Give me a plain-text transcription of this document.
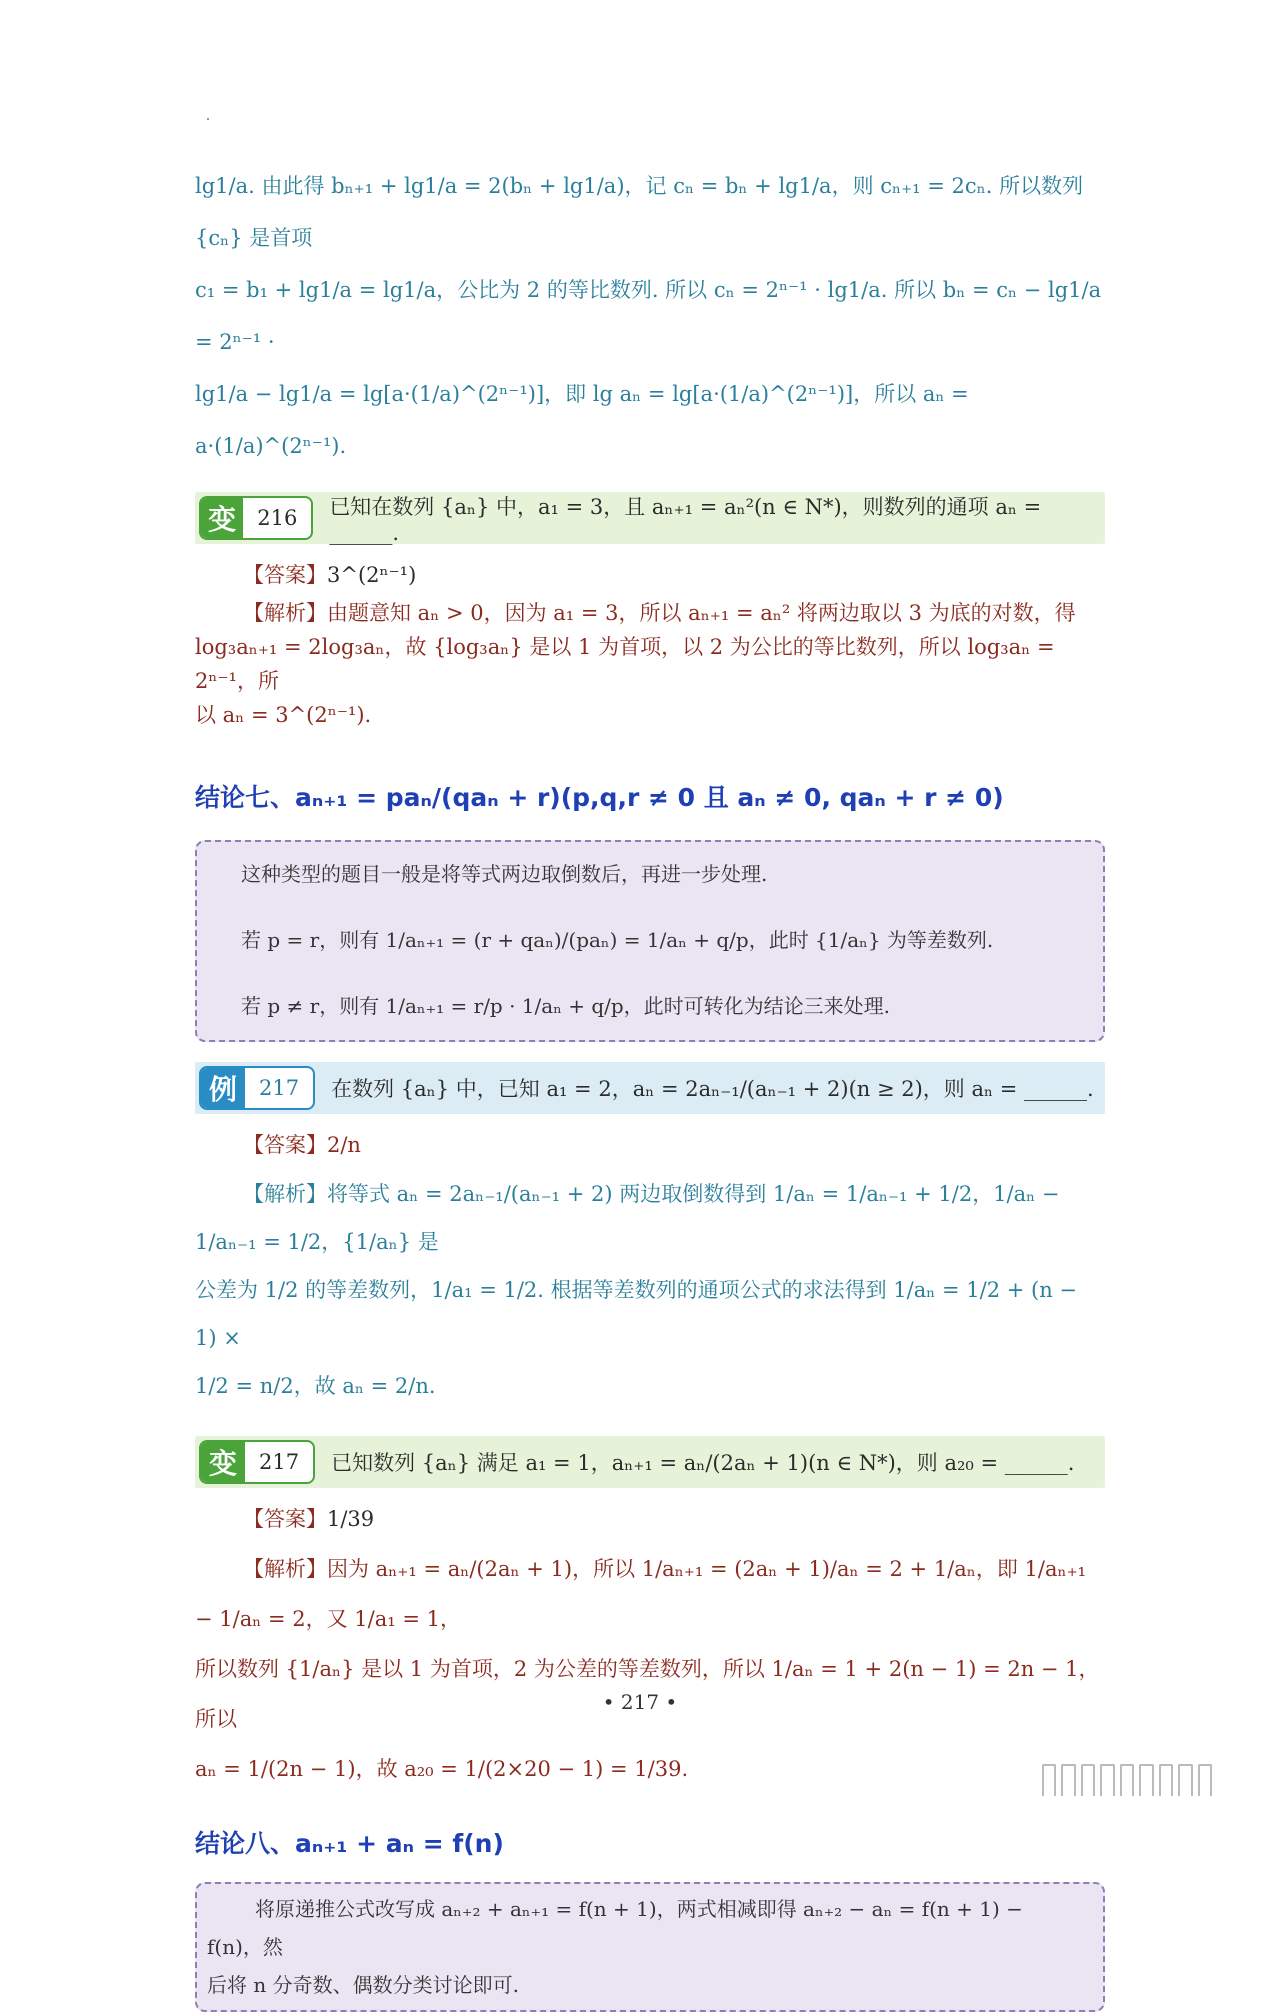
lg1/a. 由此得 bₙ₊₁ + lg1/a = 2(bₙ + lg1/a)，记 cₙ = bₙ + lg1/a，则 cₙ₊₁ = 2cₙ. 所以数列 {cₙ} 是首项

c₁ = b₁ + lg1/a = lg1/a，公比为 2 的等比数列. 所以 cₙ = 2ⁿ⁻¹ · lg1/a. 所以 bₙ = cₙ − lg1/a = 2ⁿ⁻¹ ·

lg1/a − lg1/a = lg[a·(1/a)^(2ⁿ⁻¹)]，即 lg aₙ = lg[a·(1/a)^(2ⁿ⁻¹)]，所以 aₙ = a·(1/a)^(2ⁿ⁻¹).

变	216	已知在数列 {aₙ} 中，a₁ = 3，且 aₙ₊₁ = aₙ²(n ∈ N*)，则数列的通项 aₙ = ______.
【答案】3^(2ⁿ⁻¹)

【解析】由题意知 aₙ > 0，因为 a₁ = 3，所以 aₙ₊₁ = aₙ² 将两边取以 3 为底的对数，得

log₃aₙ₊₁ = 2log₃aₙ，故 {log₃aₙ} 是以 1 为首项，以 2 为公比的等比数列，所以 log₃aₙ = 2ⁿ⁻¹，所

以 aₙ = 3^(2ⁿ⁻¹).

结论七、aₙ₊₁ = paₙ/(qaₙ + r)(p,q,r ≠ 0 且 aₙ ≠ 0, qaₙ + r ≠ 0)

这种类型的题目一般是将等式两边取倒数后，再进一步处理.

若 p = r，则有 1/aₙ₊₁ = (r + qaₙ)/(paₙ) = 1/aₙ + q/p，此时 {1/aₙ} 为等差数列.

若 p ≠ r，则有 1/aₙ₊₁ = r/p · 1/aₙ + q/p，此时可转化为结论三来处理.

例	217	在数列 {aₙ} 中，已知 a₁ = 2，aₙ = 2aₙ₋₁/(aₙ₋₁ + 2)(n ≥ 2)，则 aₙ = ______.
【答案】2/n

【解析】将等式 aₙ = 2aₙ₋₁/(aₙ₋₁ + 2) 两边取倒数得到 1/aₙ = 1/aₙ₋₁ + 1/2，1/aₙ − 1/aₙ₋₁ = 1/2，{1/aₙ} 是

公差为 1/2 的等差数列，1/a₁ = 1/2. 根据等差数列的通项公式的求法得到 1/aₙ = 1/2 + (n − 1) ×

1/2 = n/2，故 aₙ = 2/n.

变	217	已知数列 {aₙ} 满足 a₁ = 1，aₙ₊₁ = aₙ/(2aₙ + 1)(n ∈ N*)，则 a₂₀ = ______.
【答案】1/39

【解析】因为 aₙ₊₁ = aₙ/(2aₙ + 1)，所以 1/aₙ₊₁ = (2aₙ + 1)/aₙ = 2 + 1/aₙ，即 1/aₙ₊₁ − 1/aₙ = 2，又 1/a₁ = 1，

所以数列 {1/aₙ} 是以 1 为首项，2 为公差的等差数列，所以 1/aₙ = 1 + 2(n − 1) = 2n − 1，所以

aₙ = 1/(2n − 1)，故 a₂₀ = 1/(2×20 − 1) = 1/39.

结论八、aₙ₊₁ + aₙ = f(n)

将原递推公式改写成 aₙ₊₂ + aₙ₊₁ = f(n + 1)，两式相减即得 aₙ₊₂ − aₙ = f(n + 1) − f(n)，然

后将 n 分奇数、偶数分类讨论即可.

• 217 •
